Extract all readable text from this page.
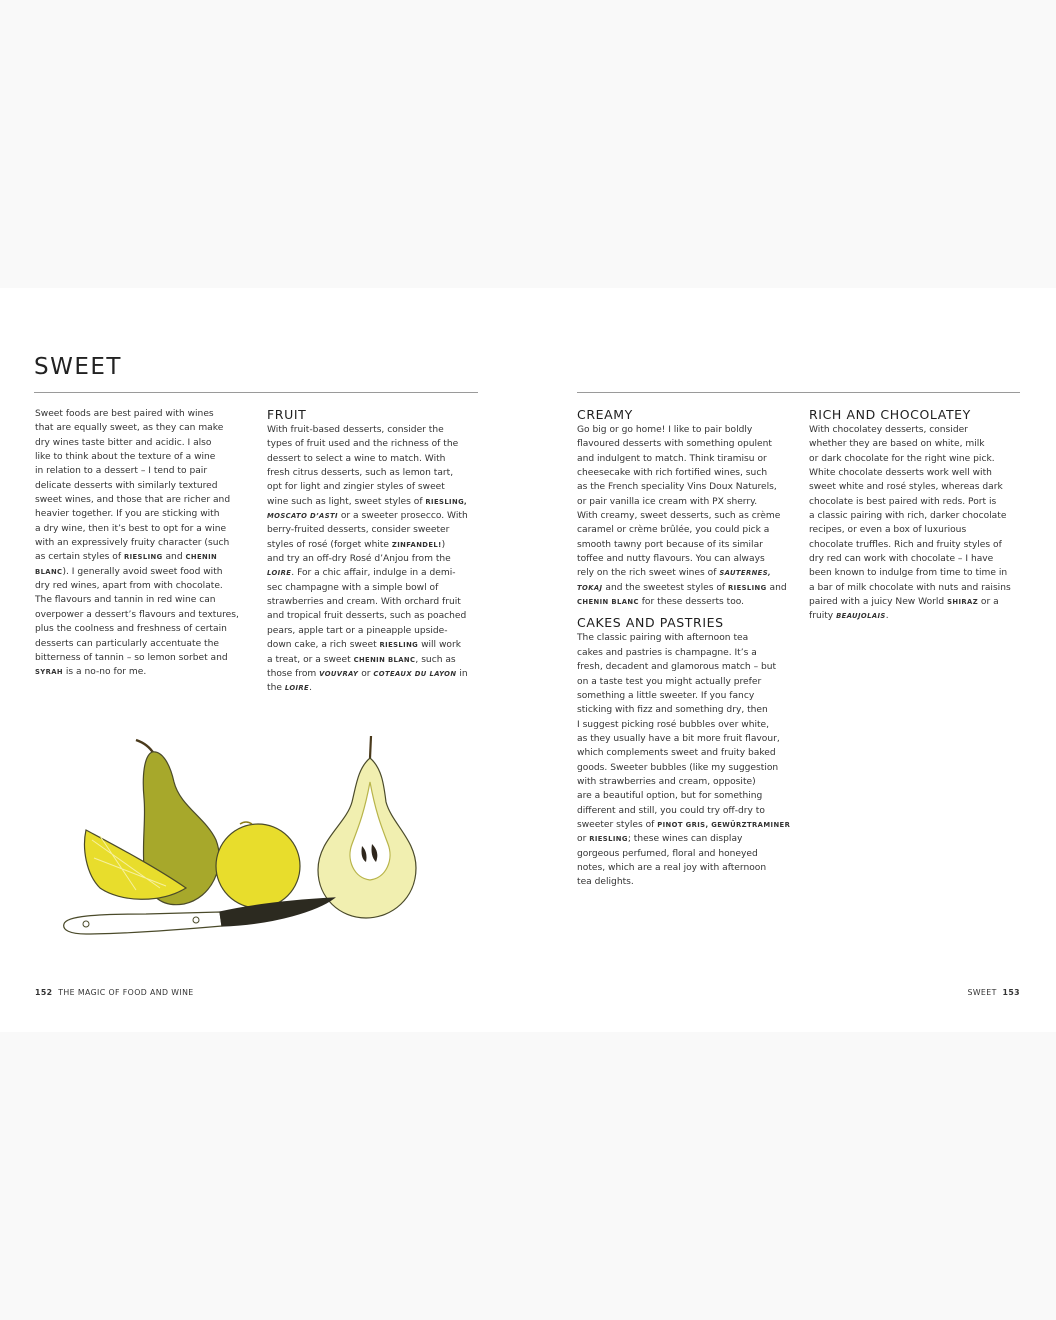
SWEET

Sweet foods are best paired with wines
that are equally sweet, as they can make
dry wines taste bitter and acidic. I also
like to think about the texture of a wine
in relation to a dessert – I tend to pair
delicate desserts with similarly textured
sweet wines, and those that are richer and
heavier together. If you are sticking with
a dry wine, then it’s best to opt for a wine
with an expressively fruity character (such
as certain styles of RIESLING and CHENIN
BLANC). I generally avoid sweet food with
dry red wines, apart from with chocolate.
The flavours and tannin in red wine can
overpower a dessert’s flavours and textures,
plus the coolness and freshness of certain
desserts can particularly accentuate the
bitterness of tannin – so lemon sorbet and
SYRAH is a no-no for me.

FRUIT

With fruit-based desserts, consider the
types of fruit used and the richness of the
dessert to select a wine to match. With
fresh citrus desserts, such as lemon tart,
opt for light and zingier styles of sweet
wine such as light, sweet styles of RIESLING,
MOSCATO D’ASTI or a sweeter prosecco. With
berry-fruited desserts, consider sweeter
styles of rosé (forget white ZINFANDEL!)
and try an off-dry Rosé d’Anjou from the
LOIRE. For a chic affair, indulge in a demi-
sec champagne with a simple bowl of
strawberries and cream. With orchard fruit
and tropical fruit desserts, such as poached
pears, apple tart or a pineapple upside-
down cake, a rich sweet RIESLING will work
a treat, or a sweet CHENIN BLANC, such as
those from VOUVRAY or COTEAUX DU LAYON in
the LOIRE.

CREAMY

Go big or go home! I like to pair boldly
flavoured desserts with something opulent
and indulgent to match. Think tiramisu or
cheesecake with rich fortified wines, such
as the French speciality Vins Doux Naturels,
or pair vanilla ice cream with PX sherry.
With creamy, sweet desserts, such as crème
caramel or crème brûlée, you could pick a
smooth tawny port because of its similar
toffee and nutty flavours. You can always
rely on the rich sweet wines of SAUTERNES,
TOKAJ and the sweetest styles of RIESLING and
CHENIN BLANC for these desserts too.

CAKES AND PASTRIES

The classic pairing with afternoon tea
cakes and pastries is champagne. It’s a
fresh, decadent and glamorous match – but
on a taste test you might actually prefer
something a little sweeter. If you fancy
sticking with fizz and something dry, then
I suggest picking rosé bubbles over white,
as they usually have a bit more fruit flavour,
which complements sweet and fruity baked
goods. Sweeter bubbles (like my suggestion
with strawberries and cream, opposite)
are a beautiful option, but for something
different and still, you could try off-dry to
sweeter styles of PINOT GRIS, GEWÜRZTRAMINER
or RIESLING; these wines can display
gorgeous perfumed, floral and honeyed
notes, which are a real joy with afternoon
tea delights.

RICH AND CHOCOLATEY

With chocolatey desserts, consider
whether they are based on white, milk
or dark chocolate for the right wine pick.
White chocolate desserts work well with
sweet white and rosé styles, whereas dark
chocolate is best paired with reds. Port is
a classic pairing with rich, darker chocolate
recipes, or even a box of luxurious
chocolate truffles. Rich and fruity styles of
dry red can work with chocolate – I have
been known to indulge from time to time in
a bar of milk chocolate with nuts and raisins
paired with a juicy New World SHIRAZ or a
fruity BEAUJOLAIS.

152 THE MAGIC OF FOOD AND WINE	SWEET 153
